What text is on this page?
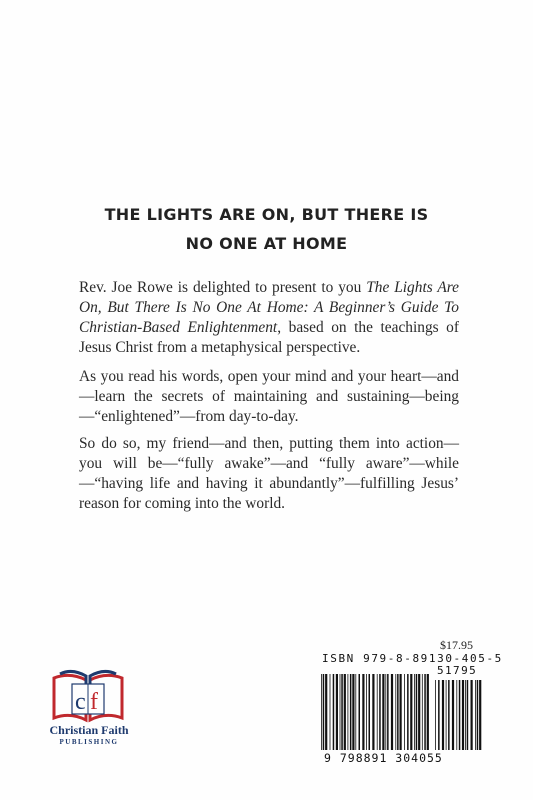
THE LIGHTS ARE ON, BUT THERE IS
NO ONE AT HOME
Rev. Joe Rowe is delighted to present to you The Lights Are On, But There Is No One At Home: A Beginner’s Guide To Christian-Based Enlightenment, based on the teachings of Jesus Christ from a metaphysical perspective.
As you read his words, open your mind and your heart—and—learn the secrets of maintaining and sustaining—being—“enlightened”—from day-to-day.
So do so, my friend—and then, putting them into action—you will be—“fully awake”—and “fully aware”—while—“having life and having it abundantly”—fulfilling Jesus’ reason for coming into the world.
c f
Christian Faith
PUBLISHING
$17.95
ISBN 979-8-89130-405-5
51795
9 798891 304055
